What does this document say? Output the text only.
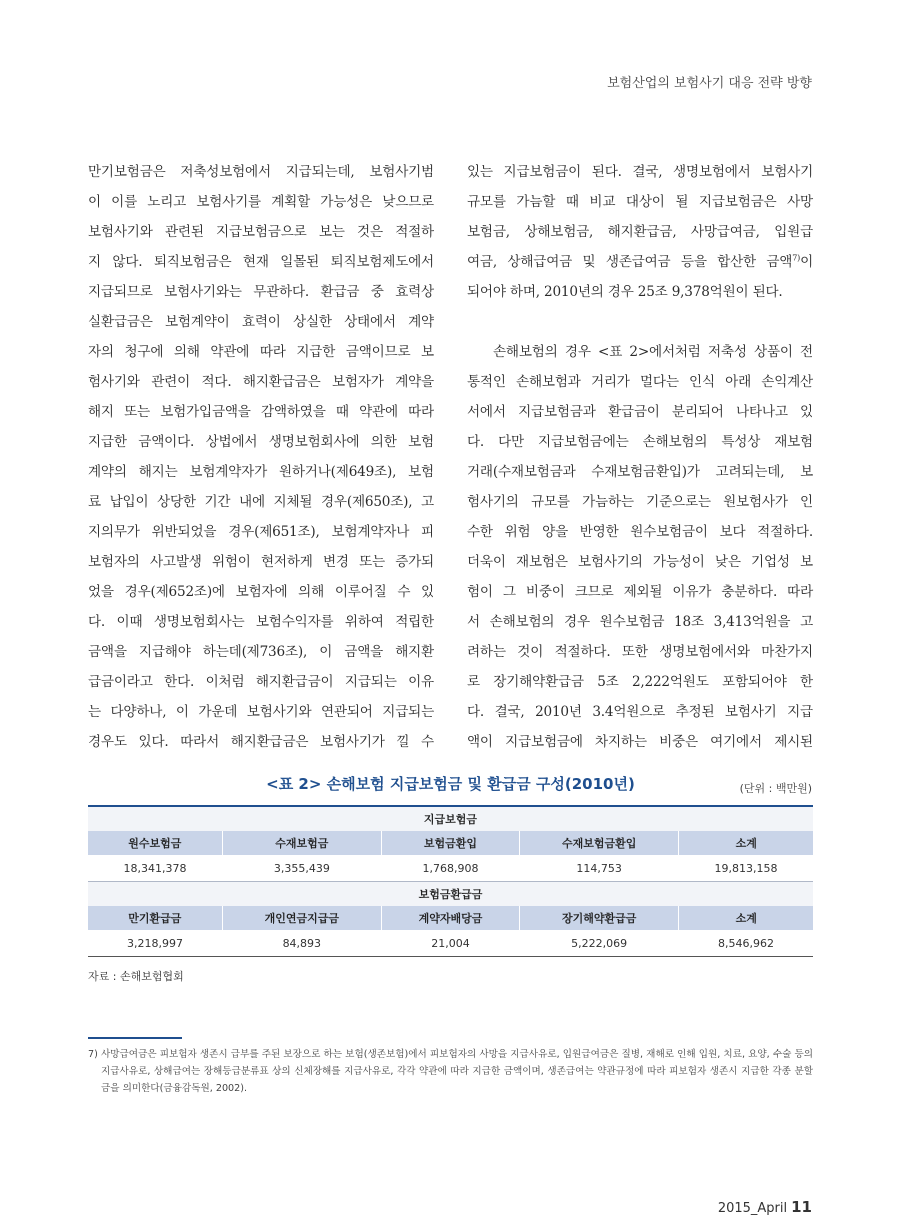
보험산업의 보험사기 대응 전략 방향

만기보험금은 저축성보험에서 지급되는데, 보험사기범

이 이를 노리고 보험사기를 계획할 가능성은 낮으므로

보험사기와 관련된 지급보험금으로 보는 것은 적절하

지 않다. 퇴직보험금은 현재 일몰된 퇴직보험제도에서

지급되므로 보험사기와는 무관하다. 환급금 중 효력상

실환급금은 보험계약이 효력이 상실한 상태에서 계약

자의 청구에 의해 약관에 따라 지급한 금액이므로 보

험사기와 관련이 적다. 해지환급금은 보험자가 계약을

해지 또는 보험가입금액을 감액하였을 때 약관에 따라

지급한 금액이다. 상법에서 생명보험회사에 의한 보험

계약의 해지는 보험계약자가 원하거나(제649조), 보험

료 납입이 상당한 기간 내에 지체될 경우(제650조), 고

지의무가 위반되었을 경우(제651조), 보험계약자나 피

보험자의 사고발생 위험이 현저하게 변경 또는 증가되

었을 경우(제652조)에 보험자에 의해 이루어질 수 있

다. 이때 생명보험회사는 보험수익자를 위하여 적립한

금액을 지급해야 하는데(제736조), 이 금액을 해지환

급금이라고 한다. 이처럼 해지환급금이 지급되는 이유

는 다양하나, 이 가운데 보험사기와 연관되어 지급되는

경우도 있다. 따라서 해지환급금은 보험사기가 낄 수

있는 지급보험금이 된다. 결국, 생명보험에서 보험사기

규모를 가늠할 때 비교 대상이 될 지급보험금은 사망

보험금, 상해보험금, 해지환급금, 사망급여금, 입원급

여금, 상해급여금 및 생존급여금 등을 합산한 금액$^{7)}$이

되어야 하며, 2010년의 경우 25조 9,378억원이 된다.

손해보험의 경우 <표 2>에서처럼 저축성 상품이 전

통적인 손해보험과 거리가 멀다는 인식 아래 손익계산

서에서 지급보험금과 환급금이 분리되어 나타나고 있

다. 다만 지급보험금에는 손해보험의 특성상 재보험

거래(수재보험금과 수재보험금환입)가 고려되는데, 보

험사기의 규모를 가늠하는 기준으로는 원보험사가 인

수한 위험 양을 반영한 원수보험금이 보다 적절하다.

더욱이 재보험은 보험사기의 가능성이 낮은 기업성 보

험이 그 비중이 크므로 제외될 이유가 충분하다. 따라

서 손해보험의 경우 원수보험금 18조 3,413억원을 고

려하는 것이 적절하다. 또한 생명보험에서와 마찬가지

로 장기해약환급금 5조 2,222억원도 포함되어야 한

다. 결국, 2010년 3.4억원으로 추정된 보험사기 지급

액이 지급보험금에 차지하는 비중은 여기에서 제시된

<표 2> 손해보험 지급보험금 및 환급금 구성(2010년)	(단위 : 백만원)
지급보험금				
원수보험금	수재보험금	보험금환입	수재보험금환입	소계
18,341,378	3,355,439	1,768,908	114,753	19,813,158
보험금환급금				
만기환급금	개인연금지급금	계약자배당금	장기해약환급금	소계
3,218,997	84,893	21,004	5,222,069	8,546,962
자료 : 손해보험협회
7) 사망급여금은 피보험자 생존시 급부를 주된 보장으로 하는 보험(생존보험)에서 피보험자의 사망을 지급사유로, 입원급여금은 질병, 재해로 인해 입원, 치료, 요양, 수술 등의 지급사유로, 상해급여는 장해등급분류표 상의 신체장해를 지급사유로, 각각 약관에 따라 지급한 금액이며, 생존급여는 약관규정에 따라 피보험자 생존시 지급한 각종 분할금을 의미한다(금융감독원, 2002).
2015_April 11
